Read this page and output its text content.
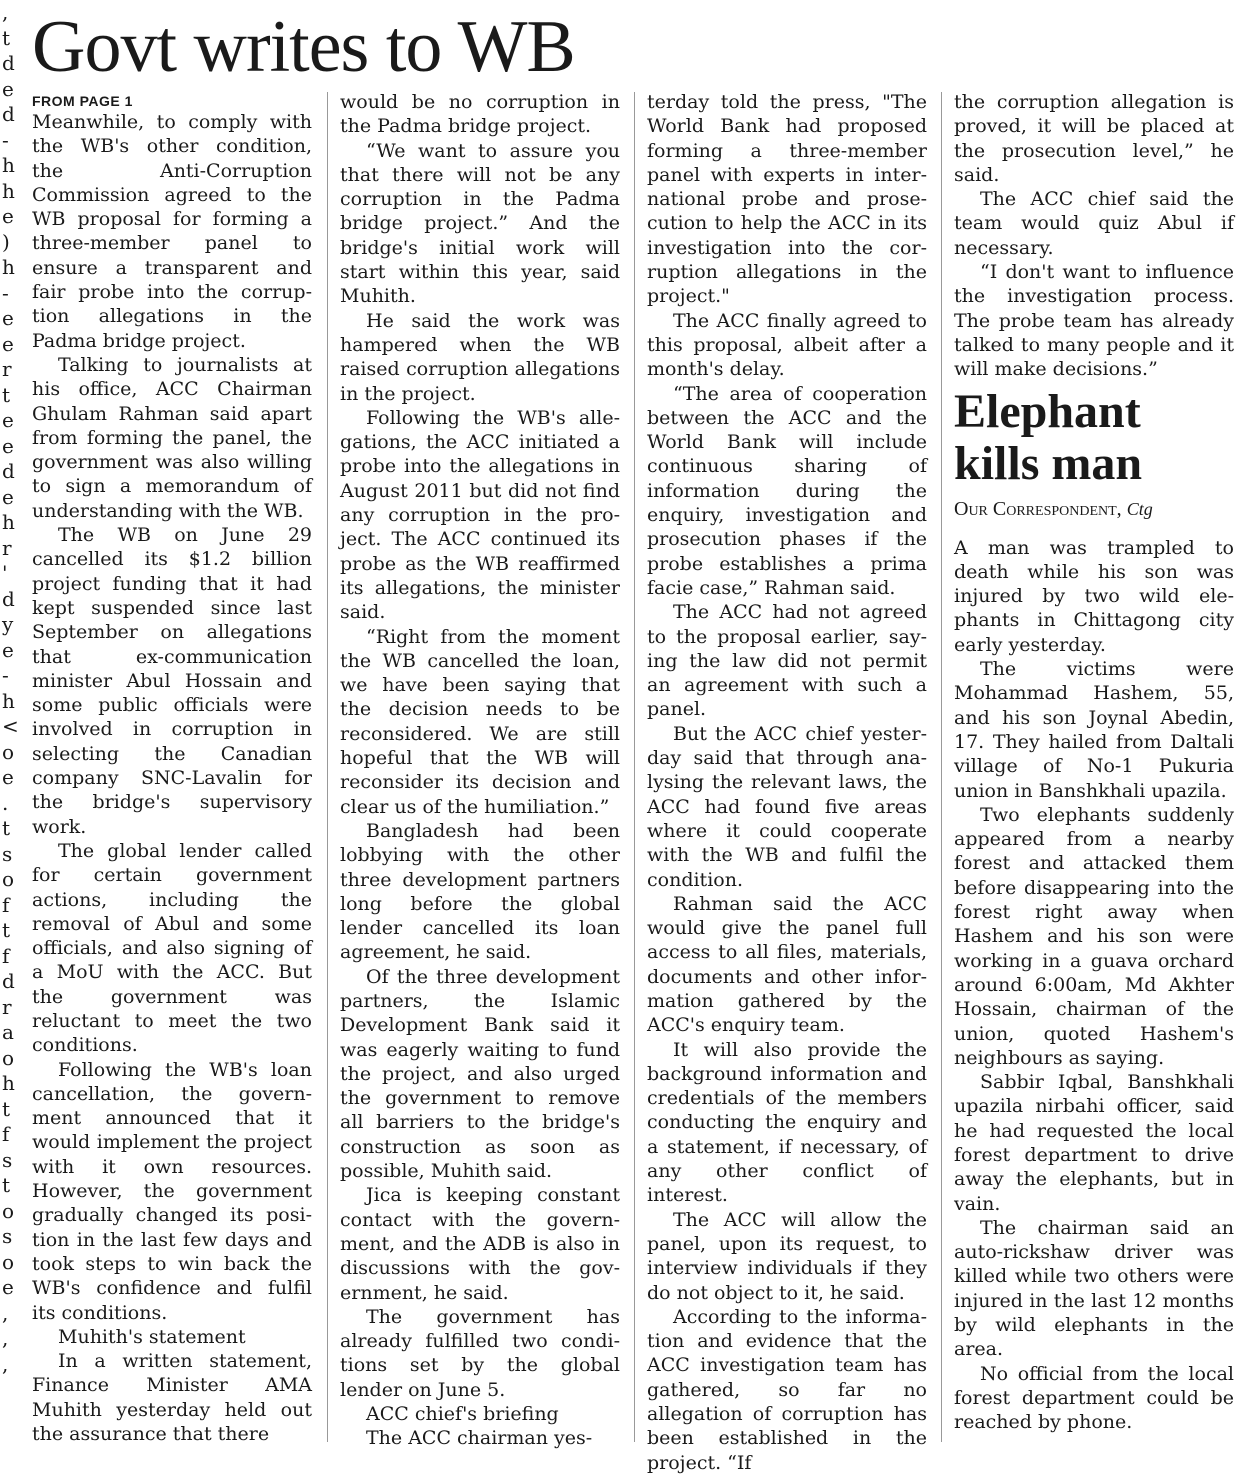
,
t
d
e
d
-
h
h
e
)
h
-
e
e
r
t
e
e
d
e
h
r
'
d
y
e
-
h
<
o
e
.
t
s
o
f
t
f
d
r
a
o
h
t
f
s
t
o
s
o
e
,
,
,
Govt writes to WB
FROM PAGE 1

Meanwhile, to comply with the WB's other condition, the Anti-Corruption Commission agreed to the WB proposal for forming a three-member panel to ensure a transparent and fair probe into the corruption allegations in the Padma bridge project.

Talking to journalists at his office, ACC Chairman Ghulam Rahman said apart from forming the panel, the government was also willing to sign a memorandum of understanding with the WB.

The WB on June 29 cancelled its $1.2 billion project funding that it had kept suspended since last September on allegations that ex-communication minister Abul Hossain and some public officials were involved in corruption in selecting the Canadian company SNC-Lavalin for the bridge's supervisory work.

The global lender called for certain government actions, including the removal of Abul and some officials, and also signing of a MoU with the ACC. But the government was reluctant to meet the two conditions.

Following the WB's loan cancellation, the government announced that it would implement the project with it own resources. However, the government gradually changed its position in the last few days and took steps to win back the WB's confidence and fulfil its conditions.

Muhith's statement

In a written statement, Finance Minister AMA Muhith yesterday held out the assurance that there

would be no corruption in the Padma bridge project.

“We want to assure you that there will not be any corruption in the Padma bridge project.” And the bridge's initial work will start within this year, said Muhith.

He said the work was hampered when the WB raised corruption allegations in the project.

Following the WB's allegations, the ACC initiated a probe into the allegations in August 2011 but did not find any corruption in the project. The ACC continued its probe as the WB reaffirmed its allegations, the minister said.

“Right from the moment the WB cancelled the loan, we have been saying that the decision needs to be reconsidered. We are still hopeful that the WB will reconsider its decision and clear us of the humiliation.”

Bangladesh had been lobbying with the other three development partners long before the global lender cancelled its loan agreement, he said.

Of the three development partners, the Islamic Development Bank said it was eagerly waiting to fund the project, and also urged the government to remove all barriers to the bridge's construction as soon as possible, Muhith said.

Jica is keeping constant contact with the government, and the ADB is also in discussions with the government, he said.

The government has already fulfilled two conditions set by the global lender on June 5.

ACC chief's briefing

The ACC chairman yes-

terday told the press, "The World Bank had proposed forming a three-member panel with experts in international probe and prosecution to help the ACC in its investigation into the corruption allegations in the project."

The ACC finally agreed to this proposal, albeit after a month's delay.

“The area of cooperation between the ACC and the World Bank will include continuous sharing of information during the enquiry, investigation and prosecution phases if the probe establishes a prima facie case,” Rahman said.

The ACC had not agreed to the proposal earlier, saying the law did not permit an agreement with such a panel.

But the ACC chief yesterday said that through analysing the relevant laws, the ACC had found five areas where it could cooperate with the WB and fulfil the condition.

Rahman said the ACC would give the panel full access to all files, materials, documents and other information gathered by the ACC's enquiry team.

It will also provide the background information and credentials of the members conducting the enquiry and a statement, if necessary, of any other conflict of interest.

The ACC will allow the panel, upon its request, to interview individuals if they do not object to it, he said.

According to the information and evidence that the ACC investigation team has gathered, so far no allegation of corruption has been established in the project. “If

the corruption allegation is proved, it will be placed at the prosecution level,” he said.

The ACC chief said the team would quiz Abul if necessary.

“I don't want to influence the investigation process. The probe team has already talked to many people and it will make decisions.”

Elephant
kills man
Our Correspondent, Ctg

A man was trampled to death while his son was injured by two wild elephants in Chittagong city early yesterday.

The victims were Mohammad Hashem, 55, and his son Joynal Abedin, 17. They hailed from Daltali village of No-1 Pukuria union in Banshkhali upazila.

Two elephants suddenly appeared from a nearby forest and attacked them before disappearing into the forest right away when Hashem and his son were working in a guava orchard around 6:00am, Md Akhter Hossain, chairman of the union, quoted Hashem's neighbours as saying.

Sabbir Iqbal, Banshkhali upazila nirbahi officer, said he had requested the local forest department to drive away the elephants, but in vain.

The chairman said an auto-rickshaw driver was killed while two others were injured in the last 12 months by wild elephants in the area.

No official from the local forest department could be reached by phone.
